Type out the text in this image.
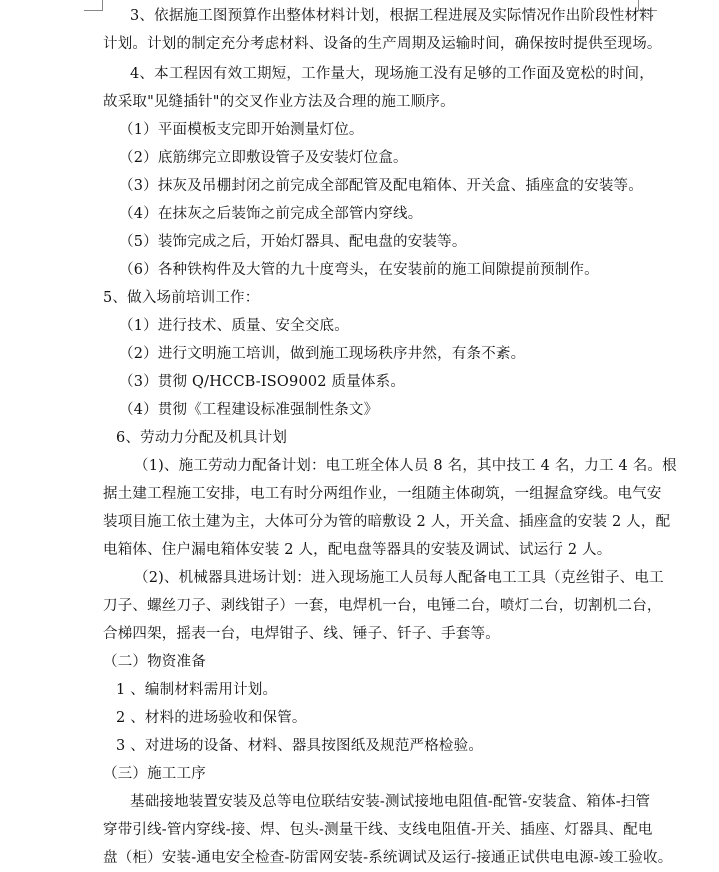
3、依据施工图预算作出整体材料计划，根据工程进展及实际情况作出阶段性材料
计划。计划的制定充分考虑材料、设备的生产周期及运输时间，确保按时提供至现场。
4、本工程因有效工期短，工作量大，现场施工没有足够的工作面及宽松的时间，
故采取"见缝插针"的交叉作业方法及合理的施工顺序。
（1）平面模板支完即开始测量灯位。
（2）底筋绑完立即敷设管子及安装灯位盒。
（3）抹灰及吊棚封闭之前完成全部配管及配电箱体、开关盒、插座盒的安装等。
（4）在抹灰之后装饰之前完成全部管内穿线。
（5）装饰完成之后，开始灯器具、配电盘的安装等。
（6）各种铁构件及大管的九十度弯头，在安装前的施工间隙提前预制作。
5、做入场前培训工作：
（1）进行技术、质量、安全交底。
（2）进行文明施工培训，做到施工现场秩序井然，有条不紊。
（3）贯彻 Q/HCCB-ISO9002 质量体系。
（4）贯彻《工程建设标准强制性条文》
6、劳动力分配及机具计划
（1)、施工劳动力配备计划：电工班全体人员 8 名，其中技工 4 名，力工 4 名。根
据土建工程施工安排，电工有时分两组作业，一组随主体砌筑，一组握盒穿线。电气安
装项目施工依土建为主，大体可分为管的暗敷设 2 人，开关盒、插座盒的安装 2 人，配
电箱体、住户漏电箱体安装 2 人，配电盘等器具的安装及调试、试运行 2 人。
（2)、机械器具进场计划：进入现场施工人员每人配备电工工具（克丝钳子、电工
刀子、螺丝刀子、剥线钳子）一套，电焊机一台，电锤二台，喷灯二台，切割机二台，
合梯四架，摇表一台，电焊钳子、线、锤子、钎子、手套等。
（二）物资准备
1 、编制材料需用计划。
2 、材料的进场验收和保管。
3 、对进场的设备、材料、器具按图纸及规范严格检验。
（三）施工工序
基础接地装置安装及总等电位联结安装-测试接地电阻值-配管-安装盒、箱体-扫管
穿带引线-管内穿线-接、焊、包头-测量干线、支线电阻值-开关、插座、灯器具、配电
盘（柜）安装-通电安全检查-防雷网安装-系统调试及运行-接通正试供电电源-竣工验收。
